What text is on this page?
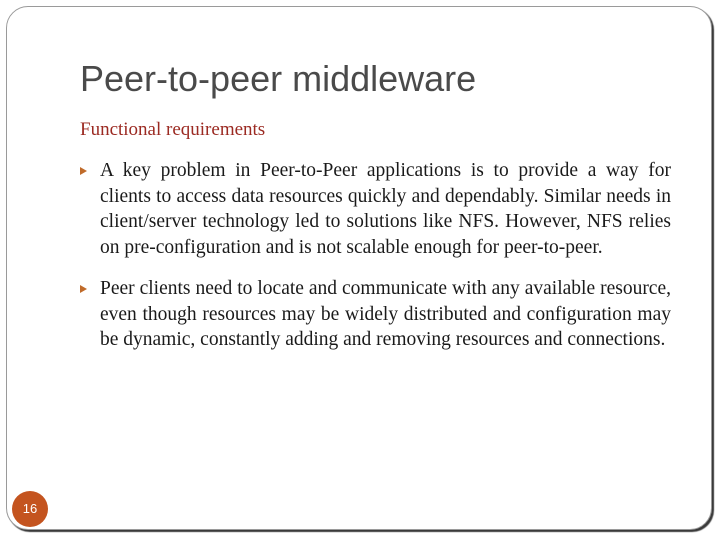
Peer-to-peer middleware
Functional requirements
A key problem in Peer-to-Peer applications is to provide a way for clients to access data resources quickly and dependably. Similar needs in client/server technology led to solutions like NFS. However, NFS relies on pre-configuration and is not scalable enough for peer-to-peer.
Peer clients need to locate and communicate with any available resource, even though resources may be widely distributed and configuration may be dynamic, constantly adding and removing resources and connections.
16
